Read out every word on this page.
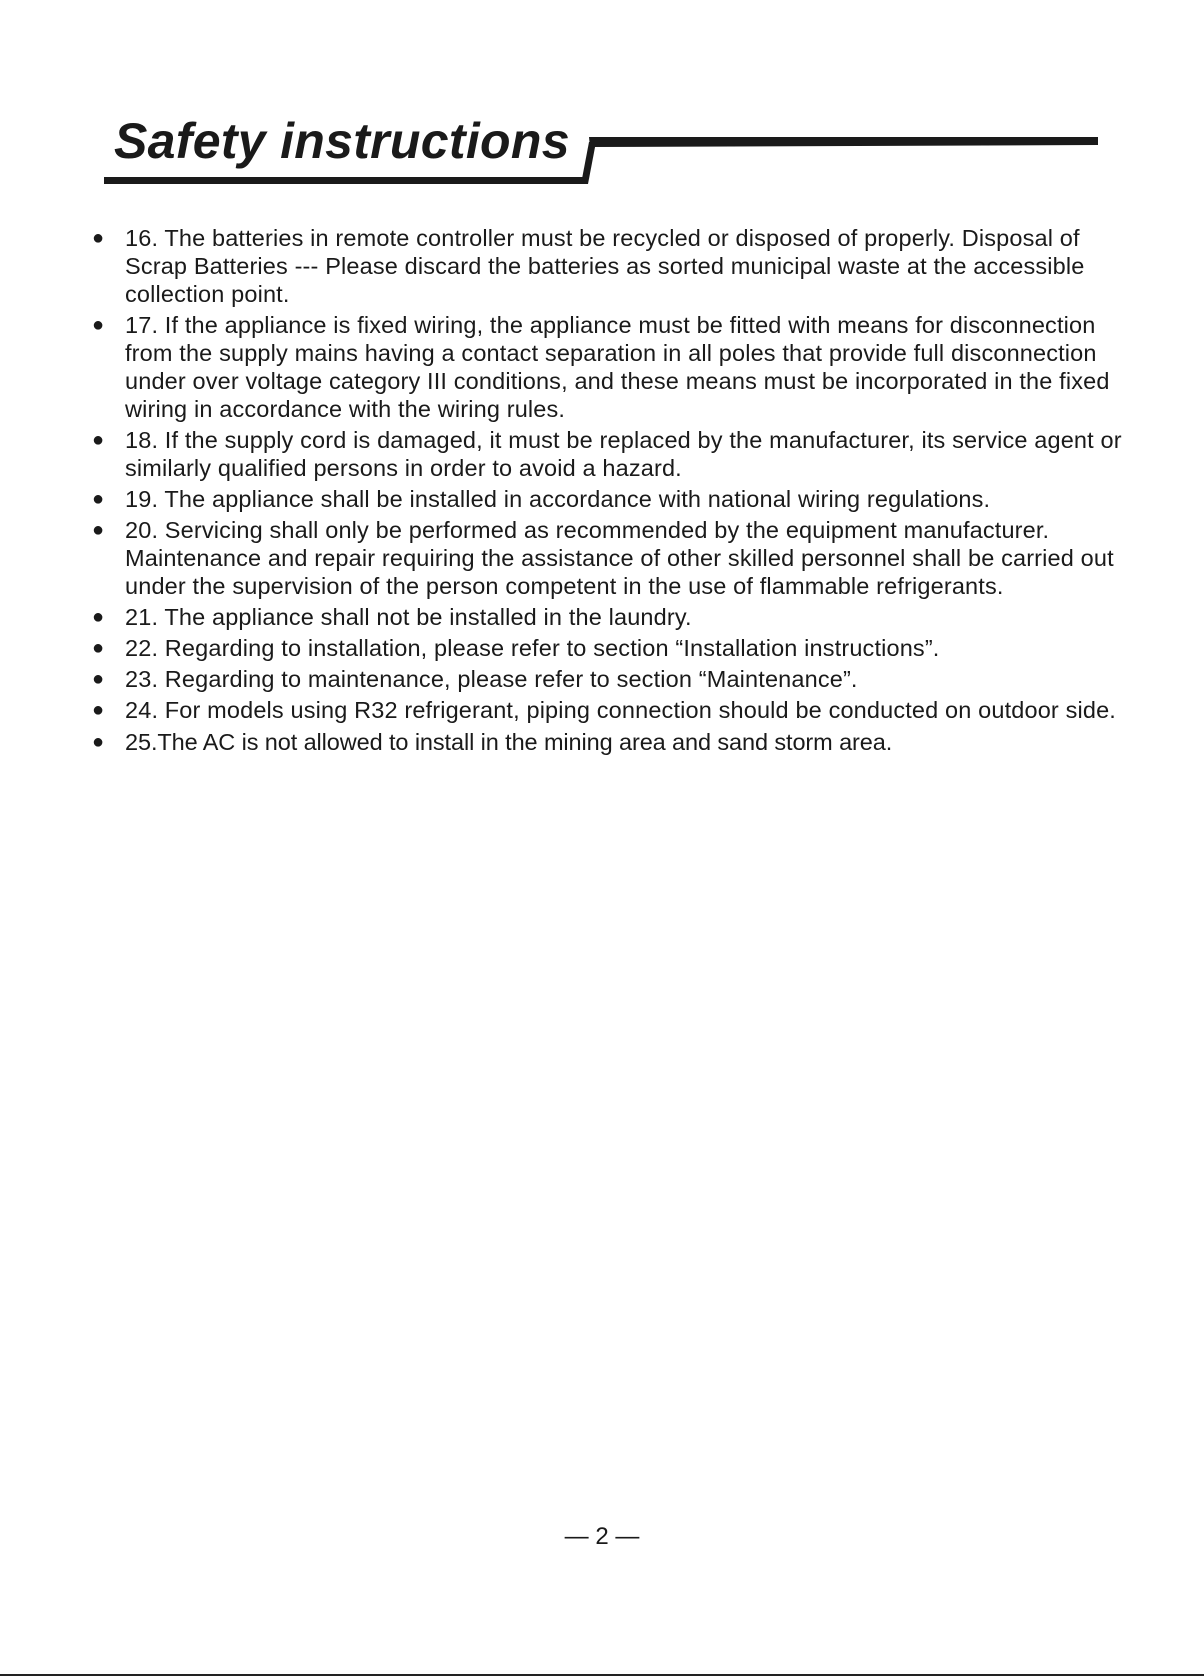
Safety instructions
● 16. The batteries in remote controller must be recycled or disposed of properly. Disposal of Scrap Batteries --- Please discard the batteries as sorted municipal waste at the accessible collection point.
● 17. If the appliance is fixed wiring, the appliance must be fitted with means for disconnection from the supply mains having a contact separation in all poles that provide full disconnection under over voltage category III conditions, and these means must be incorporated in the fixed wiring in accordance with the wiring rules.
● 18. If the supply cord is damaged, it must be replaced by the manufacturer, its service agent or similarly qualified persons in order to avoid a hazard.
● 19. The appliance shall be installed in accordance with national wiring regulations.
● 20. Servicing shall only be performed as recommended by the equipment manufacturer. Maintenance and repair requiring the assistance of other skilled personnel shall be carried out under the supervision of the person competent in the use of flammable refrigerants.
● 21. The appliance shall not be installed in the laundry.
● 22. Regarding to installation, please refer to section “Installation instructions”.
● 23. Regarding to maintenance, please refer to section “Maintenance”.
● 24. For models using R32 refrigerant, piping connection should be conducted on outdoor side.
● 25.The AC is not allowed to install in the mining area and sand storm area.
— 2 —
